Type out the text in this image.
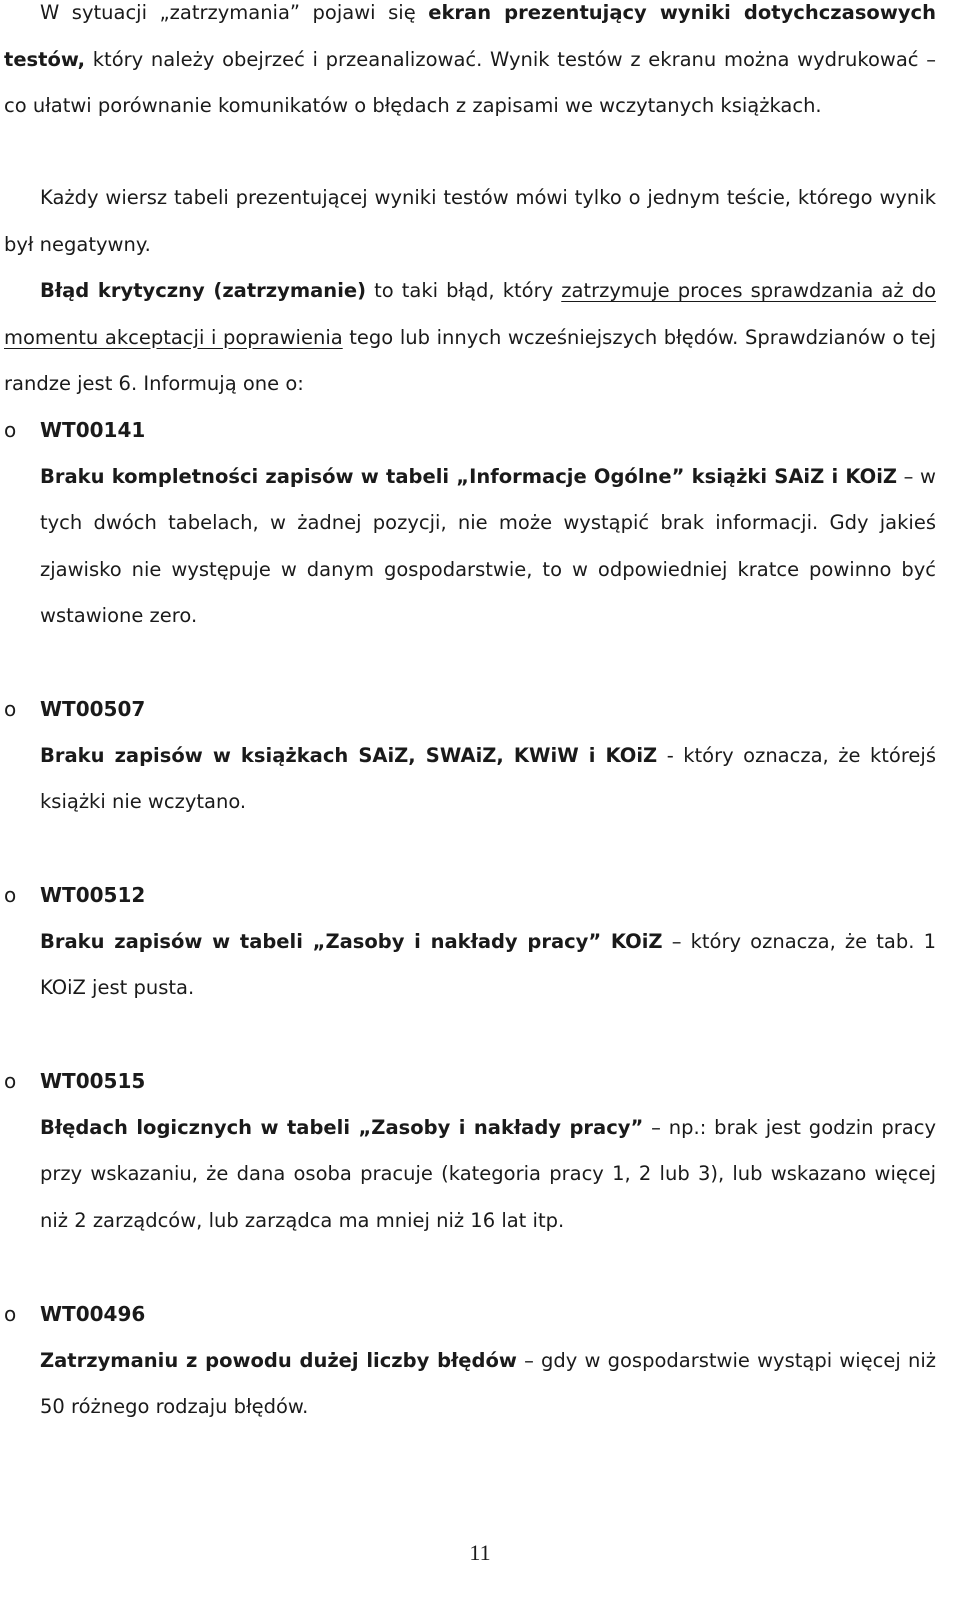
W sytuacji „zatrzymania” pojawi się ekran prezentujący wyniki dotychczasowych testów, który należy obejrzeć i przeanalizować. Wynik testów z ekranu można wydrukować – co ułatwi porównanie komunikatów o błędach z zapisami we wczytanych książkach.

Każdy wiersz tabeli prezentującej wyniki testów mówi tylko o jednym teście, którego wynik był negatywny.

Błąd krytyczny (zatrzymanie) to taki błąd, który zatrzymuje proces sprawdzania aż do momentu akceptacji i poprawienia tego lub innych wcześniejszych błędów. Sprawdzianów o tej randze jest 6. Informują one o:

o	WT00141

Braku kompletności zapisów w tabeli „Informacje Ogólne” książki SAiZ i KOiZ – w tych dwóch tabelach, w żadnej pozycji, nie może wystąpić brak informacji. Gdy jakieś zjawisko nie występuje w danym gospodarstwie, to w odpowiedniej kratce powinno być wstawione zero.

o	WT00507

Braku zapisów w książkach SAiZ, SWAiZ, KWiW i KOiZ - który oznacza, że którejś książki nie wczytano.

o	WT00512

Braku zapisów w tabeli „Zasoby i nakłady pracy” KOiZ – który oznacza, że tab. 1 KOiZ jest pusta.

o	WT00515

Błędach logicznych w tabeli „Zasoby i nakłady pracy” – np.: brak jest godzin pracy przy wskazaniu, że dana osoba pracuje (kategoria pracy 1, 2 lub 3), lub wskazano więcej niż 2 zarządców, lub zarządca ma mniej niż 16 lat itp.

o	WT00496

Zatrzymaniu z powodu dużej liczby błędów – gdy w gospodarstwie wystąpi więcej niż 50 różnego rodzaju błędów.

11
